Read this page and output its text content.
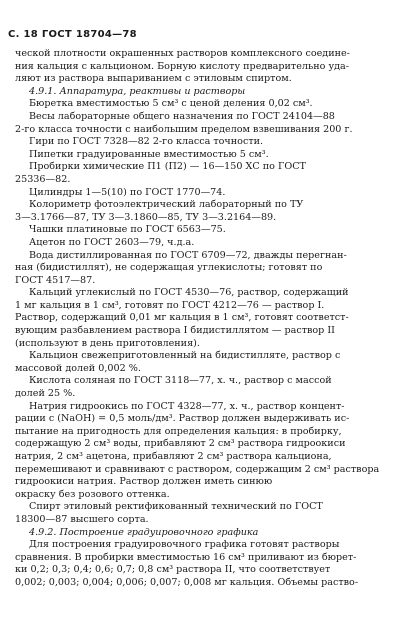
С. 18 ГОСТ 18704—78
ческой плотности окрашенных растворов комплексного соедине-
ния кальция с кальционом. Борную кислоту предварительно уда-
ляют из раствора выпариванием с этиловым спиртом.
4.9.1. Аппаратура, реактивы и растворы
Бюретка вместимостью 5 см³ с ценой деления 0,02 см³.
Весы лабораторные общего назначения по ГОСТ 24104—88
2-го класса точности с наибольшим пределом взвешивания 200 г.
Гири по ГОСТ 7328—82 2-го класса точности.
Пипетки градуированные вместимостью 5 см³.
Пробирки химические П1 (П2) — 16—150 ХС по ГОСТ
25336—82.
Цилиндры 1—5(10) по ГОСТ 1770—74.
Колориметр фотоэлектрический лабораторный по ТУ
3—3.1766—87, ТУ 3—3.1860—85, ТУ 3—3.2164—89.
Чашки платиновые по ГОСТ 6563—75.
Ацетон по ГОСТ 2603—79, ч.д.а.
Вода дистиллированная по ГОСТ 6709—72, дважды перегнан-
ная (бидистиллят), не содержащая углекислоты; готовят по
ГОСТ 4517—87.
Кальций углекислый по ГОСТ 4530—76, раствор, содержащий
1 мг кальция в 1 см³, готовят по ГОСТ 4212—76 — раствор I.
Раствор, содержащий 0,01 мг кальция в 1 см³, готовят соответст-
вующим разбавлением раствора I бидистиллятом — раствор II
(используют в день приготовления).
Кальцион свежеприготовленный на бидистилляте, раствор с
массовой долей 0,002 %.
Кислота соляная по ГОСТ 3118—77, х. ч., раствор с массой
долей 25 %.
Натрия гидроокись по ГОСТ 4328—77, х. ч., раствор концент-
рации с (NaOH) = 0,5 моль/дм³. Раствор должен выдерживать ис-
пытание на пригодность для определения кальция: в пробирку,
содержащую 2 см³ воды, прибавляют 2 см³ раствора гидроокиси
натрия, 2 см³ ацетона, прибавляют 2 см³ раствора кальциона,
перемешивают и сравнивают с раствором, содержащим 2 см³ раствора
гидроокиси натрия. Раствор должен иметь синюю
окраску без розового оттенка.
Спирт этиловый ректификованный технический по ГОСТ
18300—87 высшего сорта.
4.9.2. Построение градуировочного графика
Для построения градуировочного графика готовят растворы
сравнения. В пробирки вместимостью 16 см³ приливают из бюрет-
ки 0,2; 0,3; 0,4; 0,6; 0,7; 0,8 см³ раствора II, что соответствует
0,002; 0,003; 0,004; 0,006; 0,007; 0,008 мг кальция. Объемы раство-
